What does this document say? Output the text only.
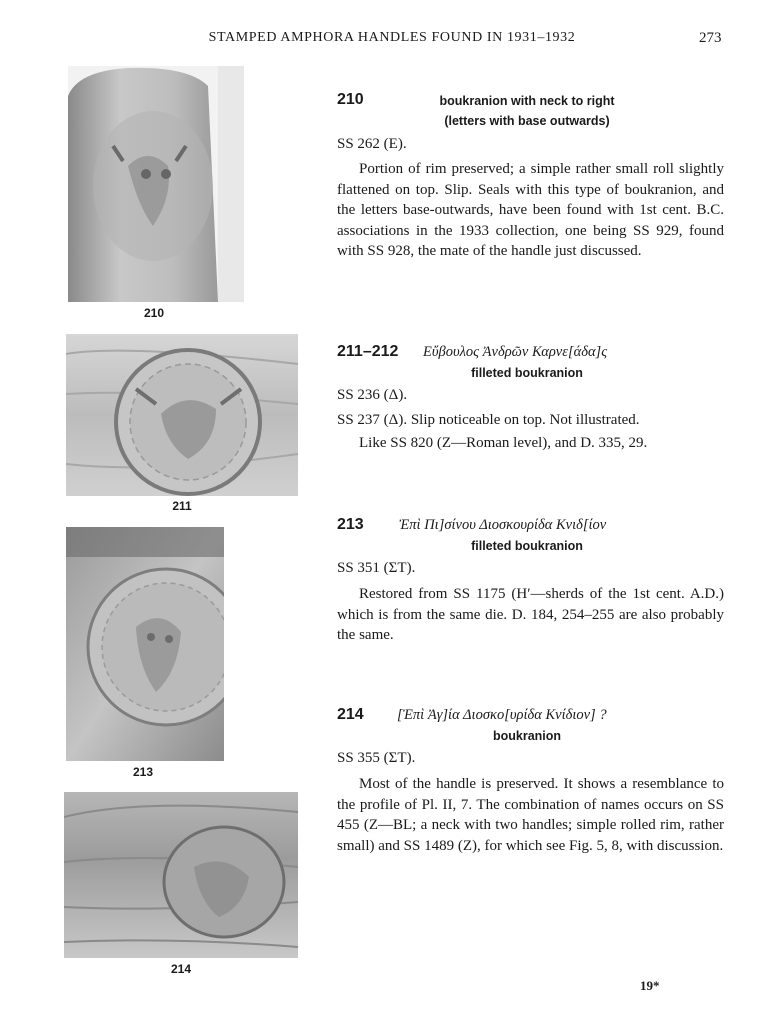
STAMPED AMPHORA HANDLES FOUND IN 1931–1932	273
210
211
213
214
210	boukranion with neck to right
(letters with base outwards)
SS 262 (Ε).

Portion of rim preserved; a simple rather small roll slightly flattened on top. Slip. Seals with this type of boukranion, and the letters base-outwards, have been found with 1st cent. B.C. associations in the 1933 collection, one being SS 929, found with SS 928, the mate of the handle just discussed.

211–212 Εὔβουλος Ἀνδρῶν Καρνε[άδα]ς
filleted boukranion
SS 236 (Δ).
SS 237 (Δ). Slip noticeable on top. Not illustrated.

Like SS 820 (Z—Roman level), and D. 335, 29.

213 Ἐπὶ Πι]σίνου Διοσκουρίδα Κνιδ[ίον
filleted boukranion
SS 351 (ΣΤ).

Restored from SS 1175 (H′—sherds of the 1st cent. A.D.) which is from the same die. D. 184, 254–255 are also probably the same.

214 [Ἐπὶ Ἀγ]ία Διοσκο[υρίδα Κνίδιον] ?
boukranion
SS 355 (ΣΤ).

Most of the handle is preserved. It shows a resemblance to the profile of Pl. II, 7. The combination of names occurs on SS 455 (Z—BL; a neck with two handles; simple rolled rim, rather small) and SS 1489 (Z), for which see Fig. 5, 8, with discussion.

19*
